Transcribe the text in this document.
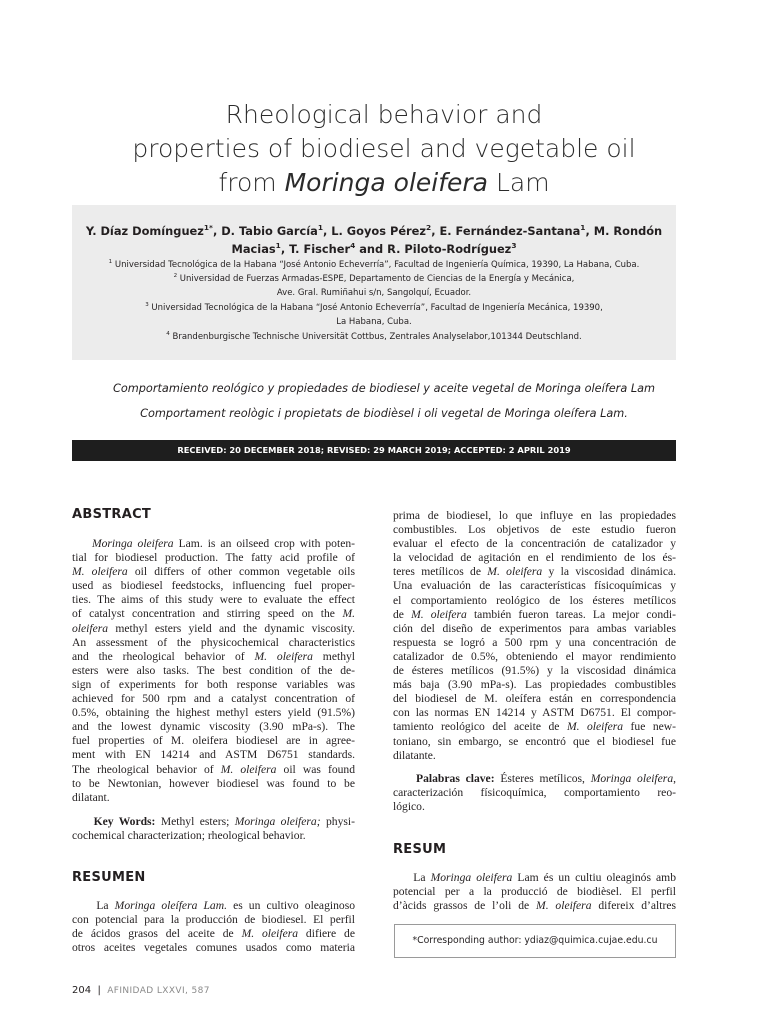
Rheological behavior and
properties of biodiesel and vegetable oil
from Moringa oleifera Lam
Y. Díaz Domínguez$^{1*}$, D. Tabio García$^1$, L. Goyos Pérez$^2$, E. Fernández-Santana$^1$, M. Rondón
Macias$^1$, T. Fischer$^4$ and R. Piloto-Rodríguez$^3$
$^1$ Universidad Tecnológica de la Habana “José Antonio Echeverría”, Facultad de Ingeniería Química, 19390, La Habana, Cuba.
$^2$ Universidad de Fuerzas Armadas-ESPE, Departamento de Ciencias de la Energía y Mecánica,
Ave. Gral. Rumiñahui s/n, Sangolquí, Ecuador.
$^3$ Universidad Tecnológica de la Habana “José Antonio Echeverría”, Facultad de Ingeniería Mecánica, 19390,
La Habana, Cuba.
$^4$ Brandenburgische Technische Universität Cottbus, Zentrales Analyselabor,101344 Deutschland.
Comportamiento reológico y propiedades de biodiesel y aceite vegetal de Moringa oleífera Lam
Comportament reològic i propietats de biodièsel i oli vegetal de Moringa oleífera Lam.
RECEIVED: 20 DECEMBER 2018; REVISED: 29 MARCH 2019; ACCEPTED: 2 APRIL 2019
ABSTRACT
Moringa oleifera Lam. is an oilseed crop with poten-
tial for biodiesel production. The fatty acid profile of
M. oleifera oil differs of other common vegetable oils
used as biodiesel feedstocks, influencing fuel proper-
ties. The aims of this study were to evaluate the effect
of catalyst concentration and stirring speed on the M.
oleifera methyl esters yield and the dynamic viscosity.
An assessment of the physicochemical characteristics
and the rheological behavior of M. oleifera methyl
esters were also tasks. The best condition of the de-
sign of experiments for both response variables was
achieved for 500 rpm and a catalyst concentration of
0.5%, obtaining the highest methyl esters yield (91.5%)
and the lowest dynamic viscosity (3.90 mPa-s). The
fuel properties of M. oleifera biodiesel are in agree-
ment with EN 14214 and ASTM D6751 standards.
The rheological behavior of M. oleifera oil was found
to be Newtonian, however biodiesel was found to be
dilatant.
Key Words: Methyl esters; Moringa oleifera; physi-
cochemical characterization; rheological behavior.
RESUMEN
La Moringa oleífera Lam. es un cultivo oleaginoso
con potencial para la producción de biodiesel. El perfil
de ácidos grasos del aceite de M. oleifera difiere de
otros aceites vegetales comunes usados como materia
prima de biodiesel, lo que influye en las propiedades
combustibles. Los objetivos de este estudio fueron
evaluar el efecto de la concentración de catalizador y
la velocidad de agitación en el rendimiento de los és-
teres metílicos de M. oleifera y la viscosidad dinámica.
Una evaluación de las características físicoquímicas y
el comportamiento reológico de los ésteres metílicos
de M. oleifera también fueron tareas. La mejor condi-
ción del diseño de experimentos para ambas variables
respuesta se logró a 500 rpm y una concentración de
catalizador de 0.5%, obteniendo el mayor rendimiento
de ésteres metílicos (91.5%) y la viscosidad dinámica
más baja (3.90 mPa-s). Las propiedades combustibles
del biodiesel de M. oleífera están en correspondencia
con las normas EN 14214 y ASTM D6751. El compor-
tamiento reológico del aceite de M. oleifera fue new-
toniano, sin embargo, se encontró que el biodiesel fue
dilatante.
Palabras clave: Ésteres metílicos, Moringa oleifera,
caracterización físicoquímica, comportamiento reo-
lógico.
RESUM
La Moringa oleifera Lam és un cultiu oleaginós amb
potencial per a la producció de biodièsel. El perfil
d’àcids grassos de l’oli de M. oleifera difereix d’altres
*Corresponding author: ydiaz@quimica.cujae.edu.cu
204 | AFINIDAD LXXVI, 587
